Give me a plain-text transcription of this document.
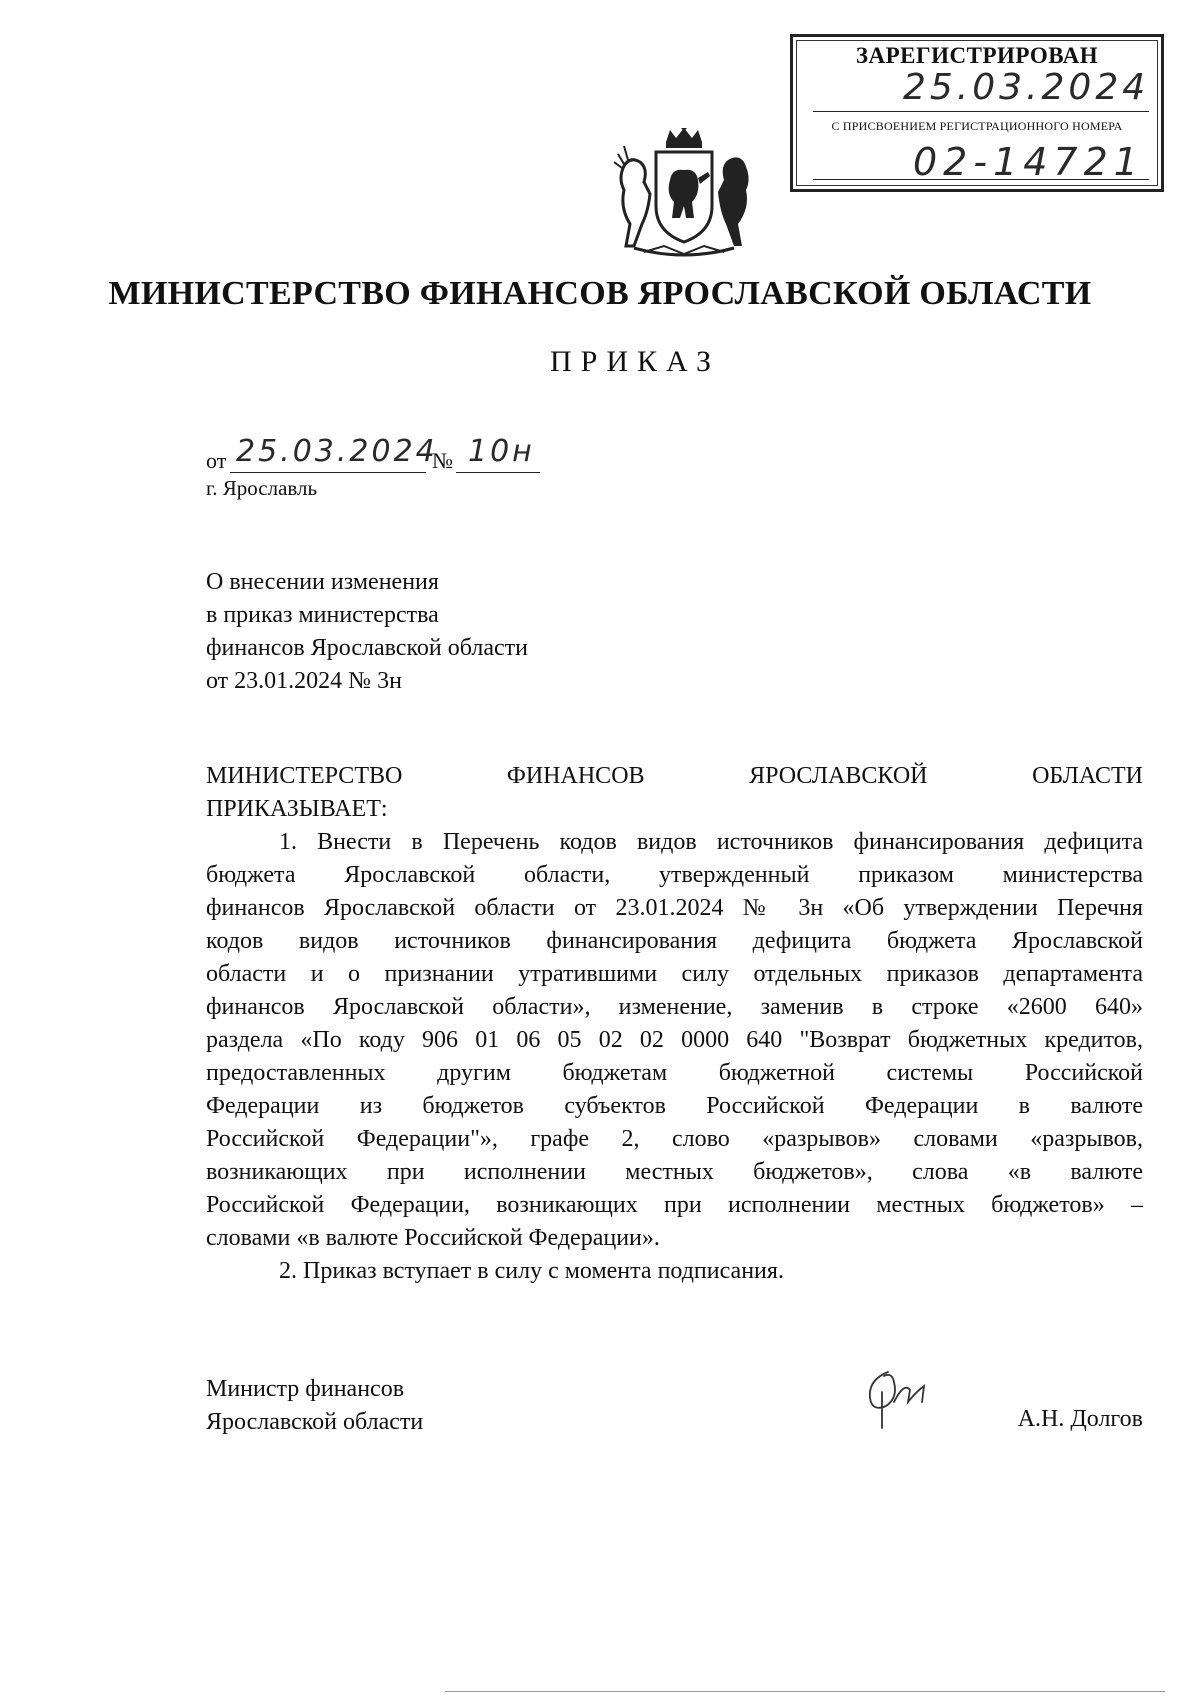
ЗАРЕГИСТРИРОВАН
25.03.2024
С ПРИСВОЕНИЕМ РЕГИСТРАЦИОННОГО НОМЕРА
02-14721
МИНИСТЕРСТВО ФИНАНСОВ ЯРОСЛАВСКОЙ ОБЛАСТИ
ПРИКАЗ
от 25.03.2024
№ 10н
г. Ярославль
О внесении изменения
в приказ министерства
финансов Ярославской области
от 23.01.2024 № 3н
МИНИСТЕРСТВО ФИНАНСОВ ЯРОСЛАВСКОЙ ОБЛАСТИ
ПРИКАЗЫВАЕТ:
1. Внести в Перечень кодов видов источников финансирования дефицита
бюджета Ярославской области, утвержденный приказом министерства
финансов Ярославской области от 23.01.2024 № 3н «Об утверждении Перечня
кодов видов источников финансирования дефицита бюджета Ярославской
области и о признании утратившими силу отдельных приказов департамента
финансов Ярославской области», изменение, заменив в строке «2600 640»
раздела «По коду 906 01 06 05 02 02 0000 640 "Возврат бюджетных кредитов,
предоставленных другим бюджетам бюджетной системы Российской
Федерации из бюджетов субъектов Российской Федерации в валюте
Российской Федерации"», графе 2, слово «разрывов» словами «разрывов,
возникающих при исполнении местных бюджетов», слова «в валюте
Российской Федерации, возникающих при исполнении местных бюджетов» –
словами «в валюте Российской Федерации».
2. Приказ вступает в силу с момента подписания.
Министр финансов
Ярославской области	А.Н. Долгов
